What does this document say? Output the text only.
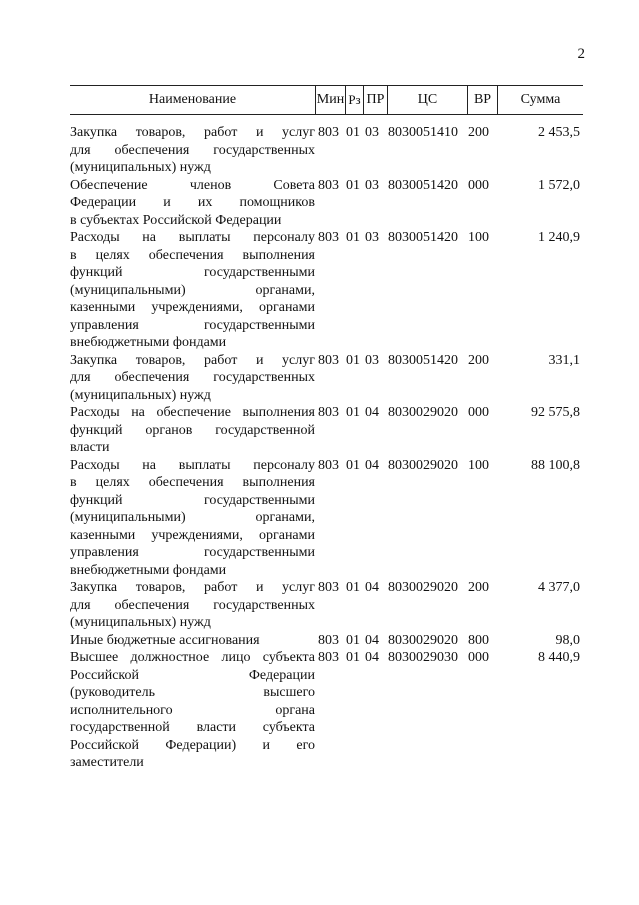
2
Наименование	Мин Рз ПР	ЦС	ВР	Сумма
Закупка товаров, работ и услуг
для обеспечения государственных
(муниципальных) нужд
803 01 03 8030051410 200	2 453,5
Обеспечение членов Совета
Федерации и их помощников
в субъектах Российской Федерации
803 01 03 8030051420 000	1 572,0
Расходы на выплаты персоналу
в целях обеспечения выполнения
функций государственными
(муниципальными) органами,
казенными учреждениями, органами
управления государственными
внебюджетными фондами
803 01 03 8030051420 100	1 240,9
Закупка товаров, работ и услуг
для обеспечения государственных
(муниципальных) нужд
803 01 03 8030051420 200	331,1
Расходы на обеспечение выполнения
функций органов государственной
власти
803 01 04 8030029020 000	92 575,8
Расходы на выплаты персоналу
в целях обеспечения выполнения
функций государственными
(муниципальными) органами,
казенными учреждениями, органами
управления государственными
внебюджетными фондами
803 01 04 8030029020 100	88 100,8
Закупка товаров, работ и услуг
для обеспечения государственных
(муниципальных) нужд
803 01 04 8030029020 200	4 377,0
Иные бюджетные ассигнования	803 01 04 8030029020 800	98,0
Высшее должностное лицо субъекта
Российской Федерации
(руководитель высшего
исполнительного органа
государственной власти субъекта
Российской Федерации) и его
заместители
803 01 04 8030029030 000	8 440,9
